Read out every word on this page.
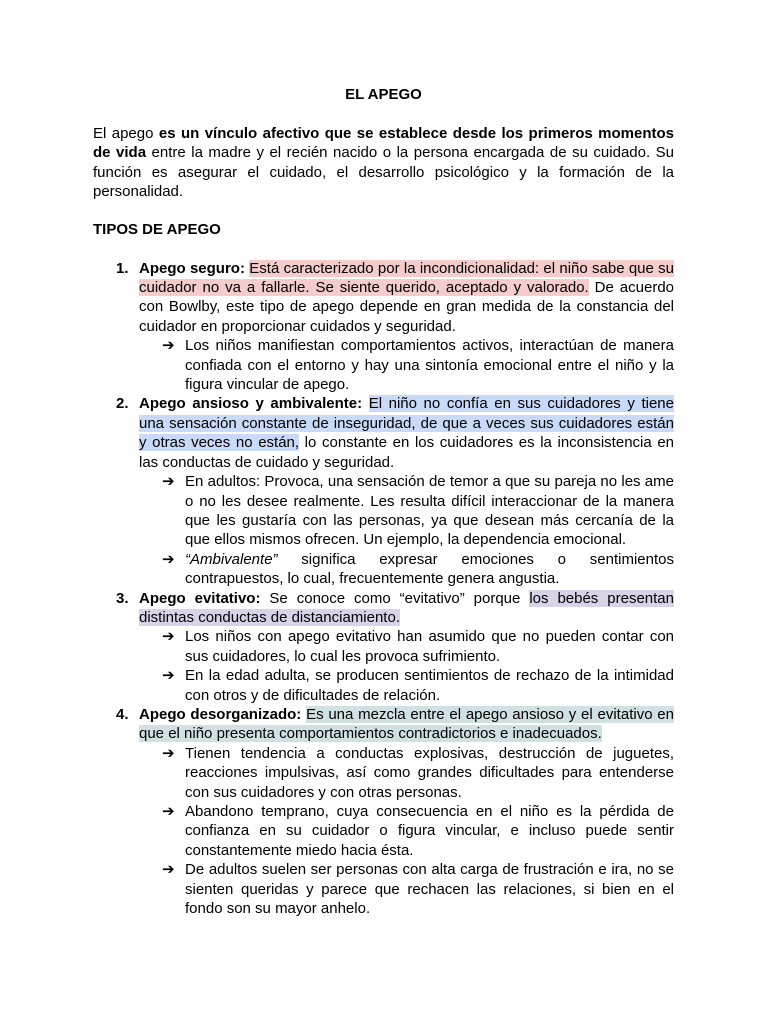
EL APEGO

El apego es un vínculo afectivo que se establece desde los primeros momentos de vida entre la madre y el recién nacido o la persona encargada de su cuidado. Su función es asegurar el cuidado, el desarrollo psicológico y la formación de la personalidad.

TIPOS DE APEGO
1. Apego seguro: Está caracterizado por la incondicionalidad: el niño sabe que su cuidador no va a fallarle. Se siente querido, aceptado y valorado. De acuerdo con Bowlby, este tipo de apego depende en gran medida de la constancia del cuidador en proporcionar cuidados y seguridad.
➔ Los niños manifiestan comportamientos activos, interactúan de manera confiada con el entorno y hay una sintonía emocional entre el niño y la figura vincular de apego.
2. Apego ansioso y ambivalente: El niño no confía en sus cuidadores y tiene una sensación constante de inseguridad, de que a veces sus cuidadores están y otras veces no están, lo constante en los cuidadores es la inconsistencia en las conductas de cuidado y seguridad.
➔ En adultos: Provoca, una sensación de temor a que su pareja no les ame o no les desee realmente. Les resulta difícil interaccionar de la manera que les gustaría con las personas, ya que desean más cercanía de la que ellos mismos ofrecen. Un ejemplo, la dependencia emocional.
➔ “Ambivalente” significa expresar emociones o sentimientos contrapuestos, lo cual, frecuentemente genera angustia.
3. Apego evitativo: Se conoce como “evitativo” porque los bebés presentan distintas conductas de distanciamiento.
➔ Los niños con apego evitativo han asumido que no pueden contar con sus cuidadores, lo cual les provoca sufrimiento.
➔ En la edad adulta, se producen sentimientos de rechazo de la intimidad con otros y de dificultades de relación.
4. Apego desorganizado: Es una mezcla entre el apego ansioso y el evitativo en que el niño presenta comportamientos contradictorios e inadecuados.
➔ Tienen tendencia a conductas explosivas, destrucción de juguetes, reacciones impulsivas, así como grandes dificultades para entenderse con sus cuidadores y con otras personas.
➔ Abandono temprano, cuya consecuencia en el niño es la pérdida de confianza en su cuidador o figura vincular, e incluso puede sentir constantemente miedo hacia ésta.
➔ De adultos suelen ser personas con alta carga de frustración e ira, no se sienten queridas y parece que rechacen las relaciones, si bien en el fondo son su mayor anhelo.
